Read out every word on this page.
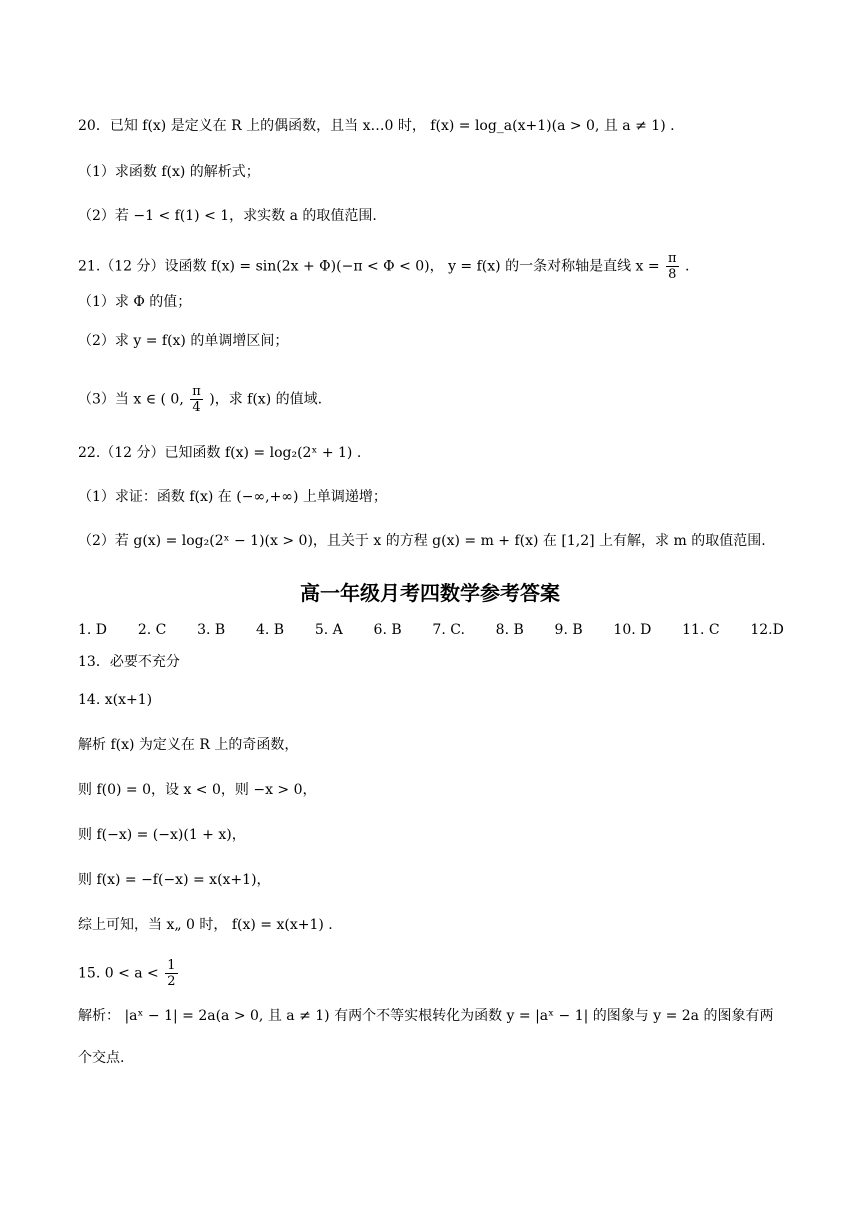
20．已知 f(x) 是定义在 R 上的偶函数，且当 x…0 时， f(x) = log_a(x+1)(a > 0, 且 a ≠ 1) .
（1）求函数 f(x) 的解析式；
（2）若 −1 < f(1) < 1，求实数 a 的取值范围.
21.（12 分）设函数 f(x) = sin(2x + Φ)(−π < Φ < 0)， y = f(x) 的一条对称轴是直线 $x = \frac{\pi}{8}$ .
（1）求 Φ 的值；
（2）求 y = f(x) 的单调增区间；
（3）当 x ∈ ( 0, $\frac{\pi}{4}$ )，求 f(x) 的值域.
22.（12 分）已知函数 f(x) = log₂(2ˣ + 1) .
（1）求证：函数 f(x) 在 (−∞,+∞) 上单调递增；
（2）若 g(x) = log₂(2ˣ − 1)(x > 0)，且关于 x 的方程 g(x) = m + f(x) 在 [1,2] 上有解，求 m 的取值范围.
高一年级月考四数学参考答案
1. D 2. C 3. B 4. B 5. A 6. B 7. C. 8. B 9. B 10. D 11. C 12.D
13．必要不充分
14. x(x+1)
解析 f(x) 为定义在 R 上的奇函数，
则 f(0) = 0，设 x < 0，则 −x > 0，
则 f(−x) = (−x)(1 + x)，
则 f(x) = −f(−x) = x(x+1)，
综上可知，当 x„ 0 时， f(x) = x(x+1) .
15. $0 < a < \frac{1}{2}$
解析： |aˣ − 1| = 2a(a > 0, 且 a ≠ 1) 有两个不等实根转化为函数 y = |aˣ − 1| 的图象与 y = 2a 的图象有两
个交点.
